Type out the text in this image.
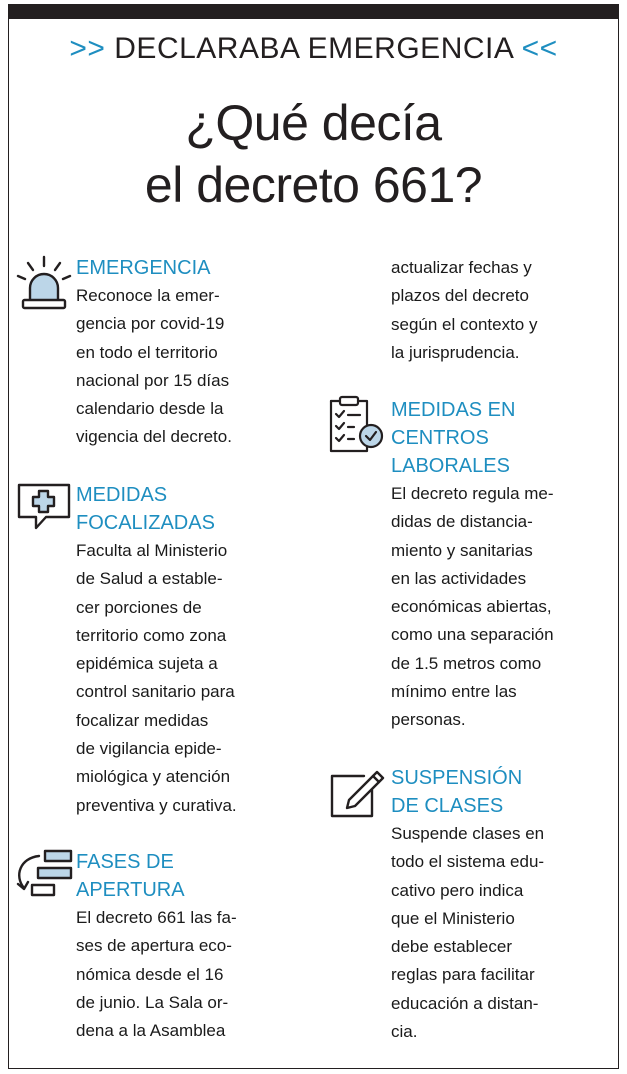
>> DECLARABA EMERGENCIA <<
¿Qué decía
el decreto 661?
EMERGENCIA
Reconoce la emer-
gencia por covid-19
en todo el territorio
nacional por 15 días
calendario desde la
vigencia del decreto.
MEDIDAS
FOCALIZADAS
Faculta al Ministerio
de Salud a estable-
cer porciones de
territorio como zona
epidémica sujeta a
control sanitario para
focalizar medidas
de vigilancia epide-
miológica y atención
preventiva y curativa.
FASES DE
APERTURA
El decreto 661 las fa-
ses de apertura eco-
nómica desde el 16
de junio. La Sala or-
dena a la Asamblea
actualizar fechas y
plazos del decreto
según el contexto y
la jurisprudencia.
MEDIDAS EN
CENTROS
LABORALES
El decreto regula me-
didas de distancia-
miento y sanitarias
en las actividades
económicas abiertas,
como una separación
de 1.5 metros como
mínimo entre las
personas.
SUSPENSIÓN
DE CLASES
Suspende clases en
todo el sistema edu-
cativo pero indica
que el Ministerio
debe establecer
reglas para facilitar
educación a distan-
cia.
